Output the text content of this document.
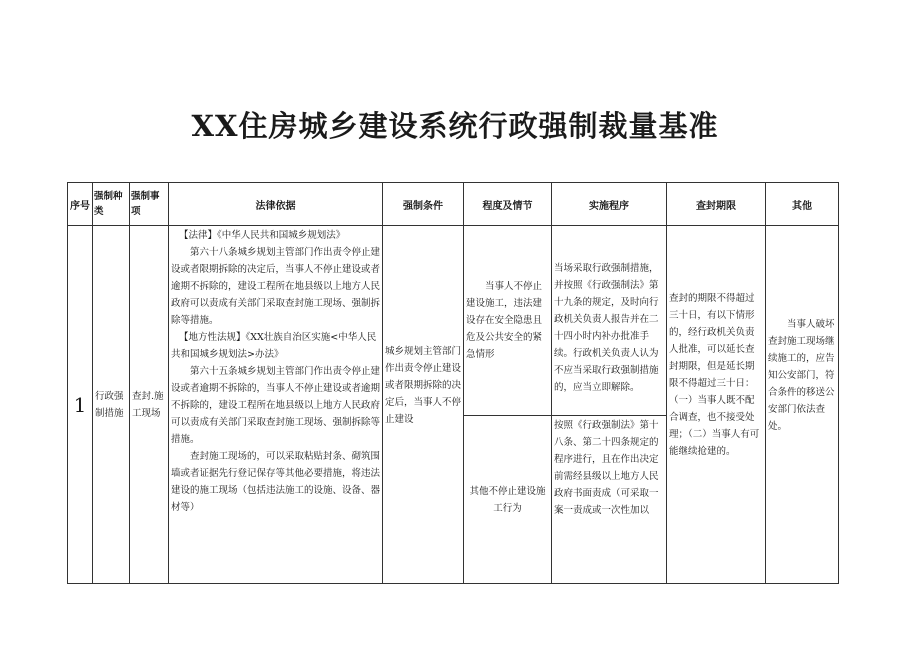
XX住房城乡建设系统行政强制裁量基准
序号	强制种类	强制事项	法律依据	强制条件	程度及情节	实施程序	查封期限	其他
1	行政强制措施	查封.施工现场	【法律】《中华人民共和国城乡规划法》
第六十八条城乡规划主管部门作出责令停止建设或者限期拆除的决定后，当事人不停止建设或者逾期不拆除的，建设工程所在地县级以上地方人民政府可以责成有关部门采取查封施工现场、强制拆除等措施。
【地方性法规】《XX壮族自治区实施<中华人民共和国城乡规划法>办法》
第六十五条城乡规划主管部门作出责令停止建设或者逾期不拆除的，当事人不停止建设或者逾期不拆除的，建设工程所在地县级以上地方人民政府可以责成有关部门采取查封施工现场、强制拆除等措施。
查封施工现场的，可以采取粘贴封条、砌筑围墙或者证据先行登记保存等其他必要措施，将违法建设的施工现场（包括违法施工的设施、设备、器材等）	城乡规划主管部门作出责令停止建设或者限期拆除的决定后，当事人不停止建设	当事人不停止建设施工，违法建设存在安全隐患且危及公共安全的紧急情形	当场采取行政强制措施，并按照《行政强制法》第十九条的规定，及时向行政机关负责人报告并在二十四小时内补办批准手续。行政机关负责人认为不应当采取行政强制措施的，应当立即解除。	查封的期限不得超过三十日，有以下情形的，经行政机关负责人批准，可以延长查封期限，但是延长期限不得超过三十日：（一）当事人既不配合调查，也不接受处理；（二）当事人有可能继续抢建的。	当事人破坏查封施工现场继续施工的，应告知公安部门，符合条件的移送公安部门依法查处。
					其他不停止建设施工行为	按照《行政强制法》第十八条、第二十四条规定的程序进行，且在作出决定前需经县级以上地方人民政府书面责成（可采取一案一责成或一次性加以		
